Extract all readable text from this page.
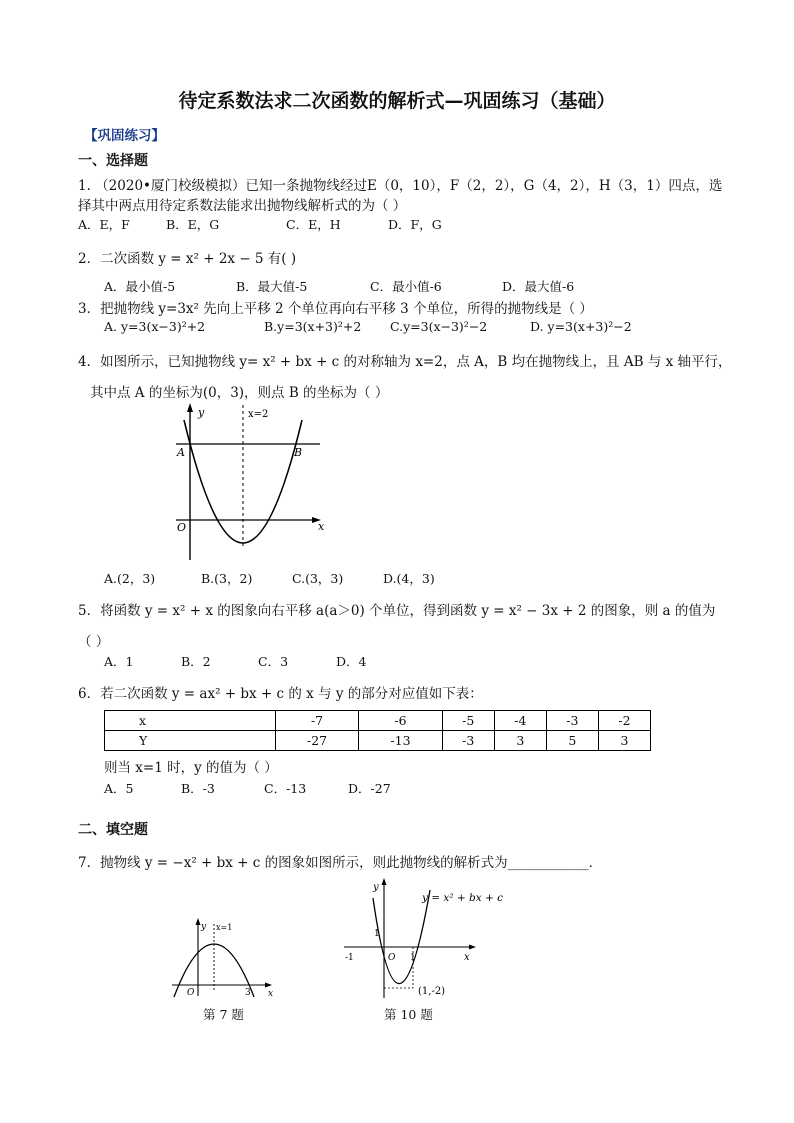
待定系数法求二次函数的解析式—巩固练习（基础）
【巩固练习】
一、选择题
1. （2020•厦门校级模拟）已知一条抛物线经过E（0，10），F（2，2），G（4，2），H（3，1）四点，选
择其中两点用待定系数法能求出抛物线解析式的为（ ）
A．E，F	B．E，G	C．E，H	D．F，G
2．二次函数 y = x² + 2x − 5 有( )
A．最小值-5	B．最大值-5	C．最小值-6	D．最大值-6
3．把抛物线 y=3x² 先向上平移 2 个单位再向右平移 3 个单位，所得的抛物线是（ ）
A. y=3(x−3)²+2	B.y=3(x+3)²+2 C.y=3(x−3)²−2	D. y=3(x+3)²−2
4．如图所示，已知抛物线 y= x² + bx + c 的对称轴为 x=2，点 A，B 均在抛物线上，且 AB 与 x 轴平行，
其中点 A 的坐标为(0，3)，则点 B 的坐标为（ ）
y	x=2
x
O
A	B
A.(2，3)	B.(3，2)	C.(3，3)	D.(4，3)
5．将函数 y = x² + x 的图象向右平移 a(a＞0) 个单位，得到函数 y = x² − 3x + 2 的图象，则 a 的值为
（ ）
A．1	B．2	C．3	D．4
6．若二次函数 y = ax² + bx + c 的 x 与 y 的部分对应值如下表：
x	-7	-6	-5	-4	-3	-2
Y	-27	-13	-3	3	5	3
则当 x=1 时，y 的值为（ ）
A．5	B．-3	C．-13	D．-27
二、填空题
7．抛物线 y = −x² + bx + c 的图象如图所示，则此抛物线的解析式为____________．
y x=1
x
O	3
第 7 题
y
y = x² + bx + c
1
-1	O 1	x
(1,-2)
第 10 题
